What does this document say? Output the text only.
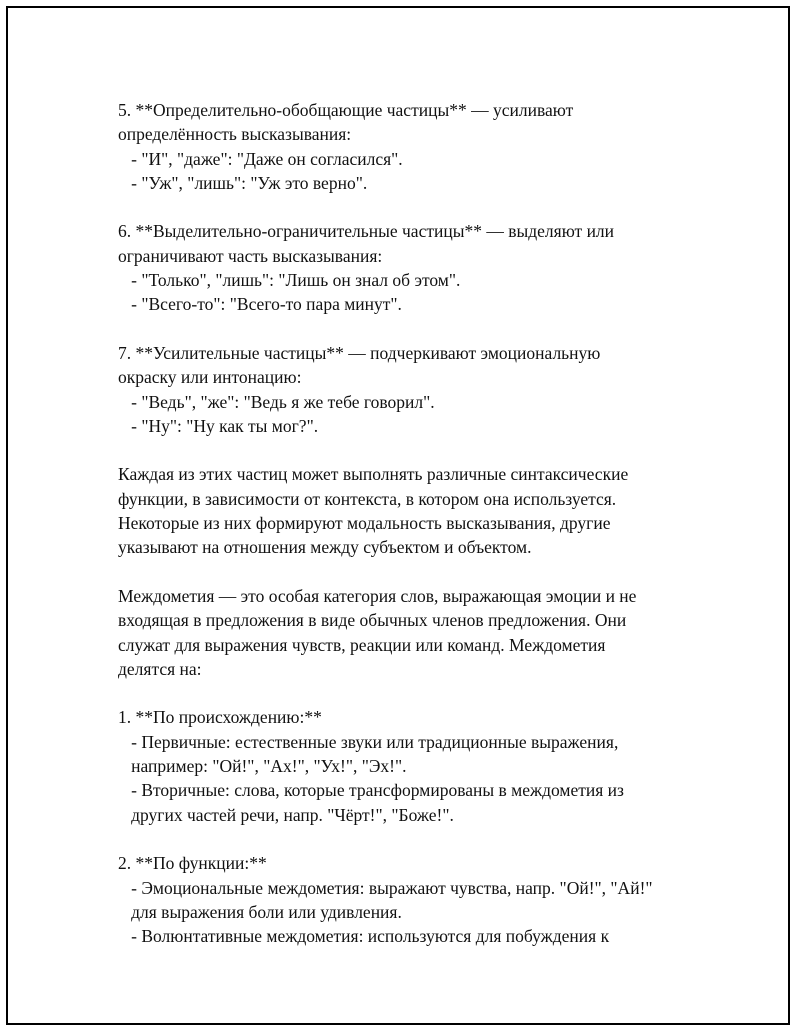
5. **Определительно-обобщающие частицы** — усиливают
определённость высказывания:
- "И", "даже": "Даже он согласился".
- "Уж", "лишь": "Уж это верно".
6. **Выделительно-ограничительные частицы** — выделяют или
ограничивают часть высказывания:
- "Только", "лишь": "Лишь он знал об этом".
- "Всего-то": "Всего-то пара минут".
7. **Усилительные частицы** — подчеркивают эмоциональную
окраску или интонацию:
- "Ведь", "же": "Ведь я же тебе говорил".
- "Ну": "Ну как ты мог?".
Каждая из этих частиц может выполнять различные синтаксические
функции, в зависимости от контекста, в котором она используется.
Некоторые из них формируют модальность высказывания, другие
указывают на отношения между субъектом и объектом.
Междометия — это особая категория слов, выражающая эмоции и не
входящая в предложения в виде обычных членов предложения. Они
служат для выражения чувств, реакции или команд. Междометия
делятся на:
1. **По происхождению:**
- Первичные: естественные звуки или традиционные выражения,
например: "Ой!", "Ах!", "Ух!", "Эх!".
- Вторичные: слова, которые трансформированы в междометия из
других частей речи, напр. "Чёрт!", "Боже!".
2. **По функции:**
- Эмоциональные междометия: выражают чувства, напр. "Ой!", "Ай!"
для выражения боли или удивления.
- Волюнтативные междометия: используются для побуждения к
